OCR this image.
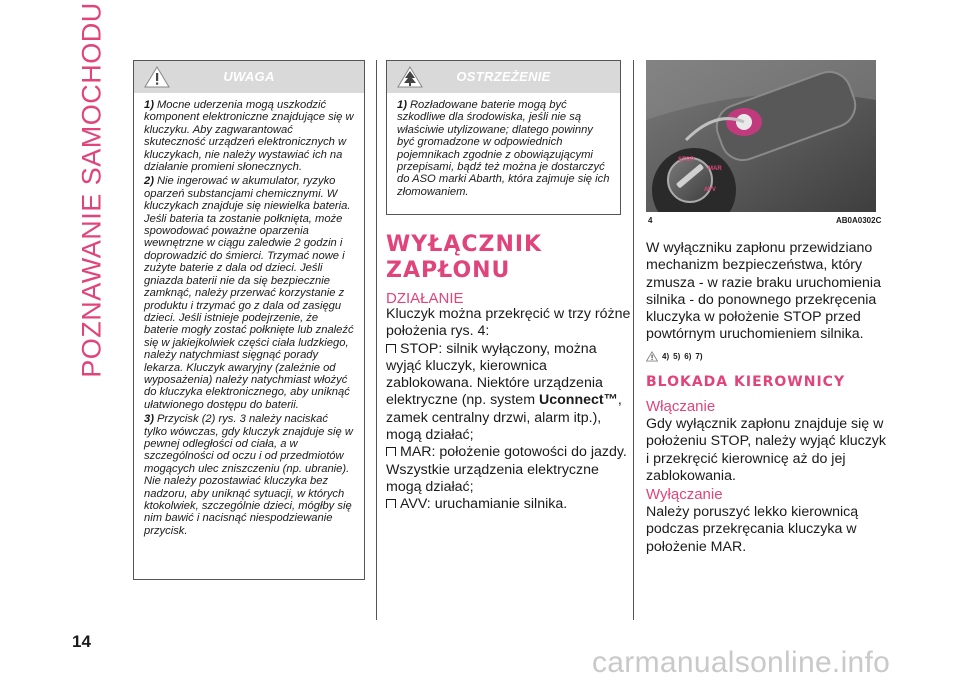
POZNAWANIE SAMOCHODU	UWAGA

1) Mocne uderzenia mogą uszkodzić komponent elektroniczne znajdujące się w kluczyku. Aby zagwarantować skuteczność urządzeń elektronicznych w kluczykach, nie należy wystawiać ich na działanie promieni słonecznych.

2) Nie ingerować w akumulator, ryzyko oparzeń substancjami chemicznymi. W kluczykach znajduje się niewielka bateria. Jeśli bateria ta zostanie połknięta, może spowodować poważne oparzenia wewnętrzne w ciągu zaledwie 2 godzin i doprowadzić do śmierci. Trzymać nowe i zużyte baterie z dala od dzieci. Jeśli gniazda baterii nie da się bezpiecznie zamknąć, należy przerwać korzystanie z produktu i trzymać go z dala od zasięgu dzieci. Jeśli istnieje podejrzenie, że baterie mogły zostać połknięte lub znaleźć się w jakiejkolwiek części ciała ludzkiego, należy natychmiast sięgnąć porady lekarza. Kluczyk awaryjny (zależnie od wyposażenia) należy natychmiast włożyć do kluczyka elektronicznego, aby uniknąć ułatwionego dostępu do baterii.

3) Przycisk (2) rys. 3 należy naciskać tylko wówczas, gdy kluczyk znajduje się w pewnej odległości od ciała, a w szczególności od oczu i od przedmiotów mogących ulec zniszczeniu (np. ubranie). Nie należy pozostawiać kluczyka bez nadzoru, aby uniknąć sytuacji, w których ktokolwiek, szczególnie dzieci, mógłby się nim bawić i nacisnąć niespodziewanie przycisk.

OSTRZEŻENIE

1) Rozładowane baterie mogą być szkodliwe dla środowiska, jeśli nie są właściwie utylizowane; dlatego powinny być gromadzone w odpowiednich pojemnikach zgodnie z obowiązującymi przepisami, bądź też można je dostarczyć do ASO marki Abarth, która zajmuje się ich złomowaniem.

WYŁĄCZNIK
ZAPŁONU
DZIAŁANIE

Kluczyk można przekręcić w trzy różne położenia rys. 4:

STOP: silnik wyłączony, można wyjąć kluczyk, kierownica zablokowana. Niektóre urządzenia elektryczne (np. system Uconnect™, zamek centralny drzwi, alarm itp.), mogą działać;

MAR: położenie gotowości do jazdy. Wszystkie urządzenia elektryczne mogą działać;

AVV: uruchamianie silnika.

STOP
MAR
AVV
4	AB0A0302C
W wyłączniku zapłonu przewidziano mechanizm bezpieczeństwa, który zmusza - w razie braku uruchomienia silnika - do ponownego przekręcenia kluczyka w położenie STOP przed powtórnym uruchomieniem silnika.
4) 5) 6) 7)
BLOKADA KIEROWNICY
Włączanie
Gdy wyłącznik zapłonu znajduje się w położeniu STOP, należy wyjąć kluczyk i przekręcić kierownicę aż do jej zablokowania.
Wyłączanie
Należy poruszyć lekko kierownicą podczas przekręcania kluczyka w położenie MAR.
14
carmanualsonline.info
